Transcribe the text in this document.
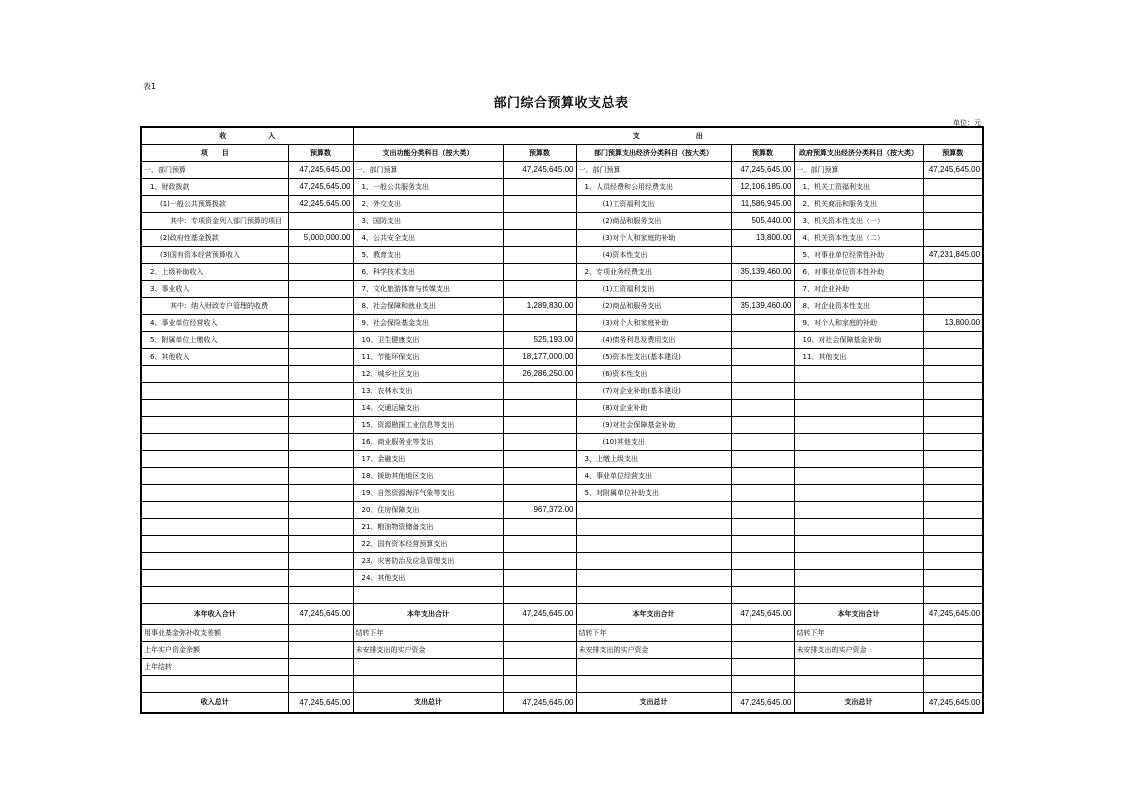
表1
部门综合预算收支总表
单位：元
收　　　　　　入		支　　　　　　　　出					
项　　目	预算数	支出功能分类科目（按大类）	预算数	部门预算支出经济分类科目（按大类）	预算数	政府预算支出经济分类科目（按大类）	预算数
一、部门预算	47,245,645.00	一、部门预算	47,245,645.00	一、部门预算	47,245,645.00	一、部门预算	47,245,645.00
1、财政拨款	47,245,645.00	1、一般公共服务支出		1、人员经费和公用经费支出	12,106,185.00	1、机关工资福利支出	
(1)一般公共预算拨款	42,245,645.00	2、外交支出		(1)工资福利支出	11,586,945.00	2、机关商品和服务支出	
其中：专项资金列入部门预算的项目		3、国防支出		(2)商品和服务支出	505,440.00	3、机关资本性支出（一）	
(2)政府性基金拨款	5,000,000.00	4、公共安全支出		(3)对个人和家庭的补助	13,800.00	4、机关资本性支出（二）	
(3)国有资本经营预算收入		5、教育支出		(4)资本性支出		5、对事业单位经常性补助	47,231,845.00
2、上级补助收入		6、科学技术支出		2、专项业务经费支出	35,139,460.00	6、对事业单位资本性补助	
3、事业收入		7、文化旅游体育与传媒支出		(1)工资福利支出		7、对企业补助	
其中：纳入财政专户管理的收费		8、社会保障和就业支出	1,289,830.00	(2)商品和服务支出	35,139,460.00	8、对企业资本性支出	
4、事业单位经营收入		9、社会保险基金支出		(3)对个人和家庭补助		9、对个人和家庭的补助	13,800.00
5、附属单位上缴收入		10、卫生健康支出	525,193.00	(4)债务利息及费用支出		10、对社会保障基金补助	
6、其他收入		11、节能环保支出	18,177,000.00	(5)资本性支出(基本建设)		11、其他支出	
		12、城乡社区支出	26,286,250.00	(6)资本性支出			
		13、农林水支出		(7)对企业补助(基本建设)			
		14、交通运输支出		(8)对企业补助			
		15、资源勘探工业信息等支出		(9)对社会保障基金补助			
		16、商业服务业等支出		(10)其他支出			
		17、金融支出		3、上缴上级支出			
		18、援助其他地区支出		4、事业单位经营支出			
		19、自然资源海洋气象等支出		5、对附属单位补助支出			
		20、住房保障支出	967,372.00				
		21、粮油物资储备支出					
		22、国有资本经营预算支出					
		23、灾害防治及应急管理支出					
		24、其他支出					

本年收入合计	47,245,645.00	本年支出合计	47,245,645.00	本年支出合计	47,245,645.00	本年支出合计	47,245,645.00
用事业基金弥补收支差额		结转下年		结转下年		结转下年	
上年实户资金余额		未安排支出的实户资金		未安排支出的实户资金		未安排支出的实户资金	
上年结转							

收入总计	47,245,645.00	支出总计	47,245,645.00	支出总计	47,245,645.00	支出总计	47,245,645.00
